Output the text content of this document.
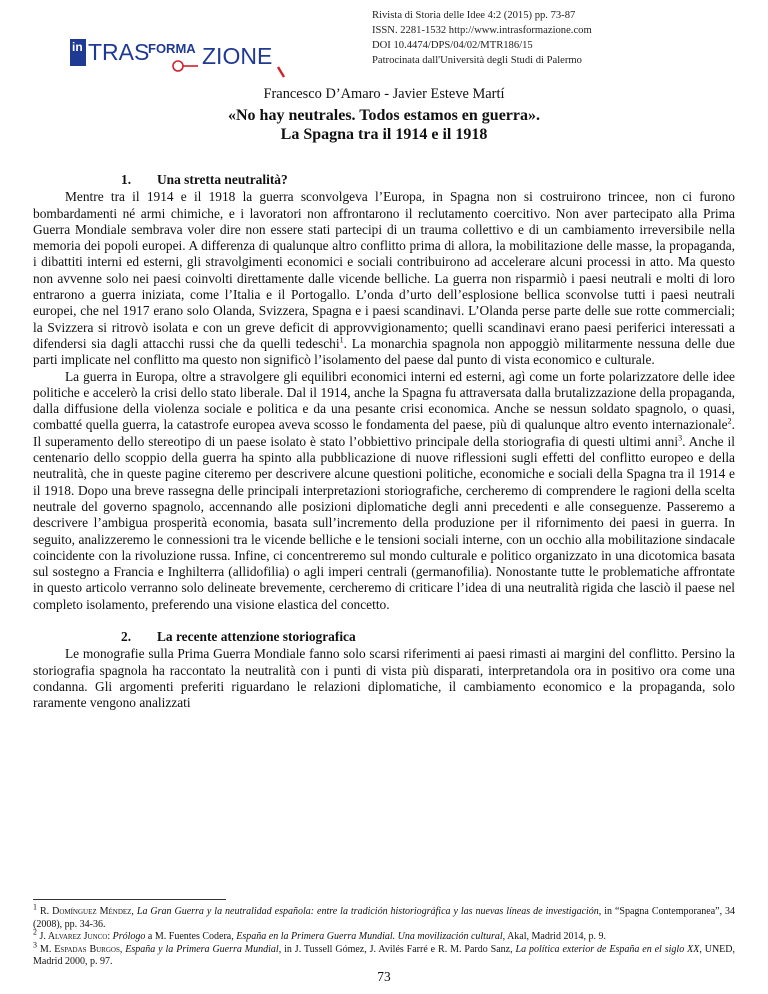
in TRAS
FORMA ZIONE
Rivista di Storia delle Idee 4:2 (2015) pp. 73-87
ISSN. 2281-1532 http://www.intrasformazione.com
DOI 10.4474/DPS/04/02/MTR186/15
Patrocinata dall'Università degli Studi di Palermo
Francesco D’Amaro - Javier Esteve Martí
«No hay neutrales. Todos estamos en guerra».
La Spagna tra il 1914 e il 1918
1. Una stretta neutralità?

Mentre tra il 1914 e il 1918 la guerra sconvolgeva l’Europa, in Spagna non si costruirono trincee, non ci furono bombardamenti né armi chimiche, e i lavoratori non affrontarono il reclutamento coercitivo. Non aver partecipato alla Prima Guerra Mondiale sembrava voler dire non essere stati partecipi di un trauma collettivo e di un cambiamento irreversibile nella memoria dei popoli europei. A differenza di qualunque altro conflitto prima di allora, la mobilitazione delle masse, la propaganda, i dibattiti interni ed esterni, gli stravolgimenti economici e sociali contribuirono ad accelerare alcuni processi in atto. Ma questo non avvenne solo nei paesi coinvolti direttamente dalle vicende belliche. La guerra non risparmiò i paesi neutrali e molti di loro entrarono a guerra iniziata, come l’Italia e il Portogallo. L’onda d’urto dell’esplosione bellica sconvolse tutti i paesi neutrali europei, che nel 1917 erano solo Olanda, Svizzera, Spagna e i paesi scandinavi. L’Olanda perse parte delle sue rotte commerciali; la Svizzera si ritrovò isolata e con un greve deficit di approvvigionamento; quelli scandinavi erano paesi periferici interessati a difendersi sia dagli attacchi russi che da quelli tedeschi$^1$. La monarchia spagnola non appoggiò militarmente nessuna delle due parti implicate nel conflitto ma questo non significò l’isolamento del paese dal punto di vista economico e culturale.

La guerra in Europa, oltre a stravolgere gli equilibri economici interni ed esterni, agì come un forte polarizzatore delle idee politiche e accelerò la crisi dello stato liberale. Dal il 1914, anche la Spagna fu attraversata dalla brutalizzazione della propaganda, dalla diffusione della violenza sociale e politica e da una pesante crisi economica. Anche se nessun soldato spagnolo, o quasi, combatté quella guerra, la catastrofe europea aveva scosso le fondamenta del paese, più di qualunque altro evento internazionale$^2$. Il superamento dello stereotipo di un paese isolato è stato l’obbiettivo principale della storiografia di questi ultimi anni$^3$. Anche il centenario dello scoppio della guerra ha spinto alla pubblicazione di nuove riflessioni sugli effetti del conflitto europeo e della neutralità, che in queste pagine citeremo per descrivere alcune questioni politiche, economiche e sociali della Spagna tra il 1914 e il 1918. Dopo una breve rassegna delle principali interpretazioni storiografiche, cercheremo di comprendere le ragioni della scelta neutrale del governo spagnolo, accennando alle posizioni diplomatiche degli anni precedenti e alle conseguenze. Passeremo a descrivere l’ambigua prosperità economia, basata sull’incremento della produzione per il rifornimento dei paesi in guerra. In seguito, analizzeremo le connessioni tra le vicende belliche e le tensioni sociali interne, con un occhio alla mobilitazione sindacale coincidente con la rivoluzione russa. Infine, ci concentreremo sul mondo culturale e politico organizzato in una dicotomica basata sul sostegno a Francia e Inghilterra (allidofilia) o agli imperi centrali (germanofilia). Nonostante tutte le problematiche affrontate in questo articolo verranno solo delineate brevemente, cercheremo di criticare l’idea di una neutralità rigida che lasciò il paese nel completo isolamento, preferendo una visione elastica del concetto.

2. La recente attenzione storiografica

Le monografie sulla Prima Guerra Mondiale fanno solo scarsi riferimenti ai paesi rimasti ai margini del conflitto. Persino la storiografia spagnola ha raccontato la neutralità con i punti di vista più disparati, interpretandola ora in positivo ora come una condanna. Gli argomenti preferiti riguardano le relazioni diplomatiche, il cambiamento economico e la propaganda, solo raramente vengono analizzati

$^1$ R. Domínguez Méndez, La Gran Guerra y la neutralidad española: entre la tradición historiográfica y las nuevas líneas de investigación, in “Spagna Contemporanea”, 34 (2008), pp. 34-36.

$^2$ J. Alvarez Junco: Prólogo a M. Fuentes Codera, España en la Primera Guerra Mundial. Una movilización cultural, Akal, Madrid 2014, p. 9.

$^3$ M. Espadas Burgos, España y la Primera Guerra Mundial, in J. Tussell Gómez, J. Avilés Farré e R. M. Pardo Sanz, La política exterior de España en el siglo XX, UNED, Madrid 2000, p. 97.

73
